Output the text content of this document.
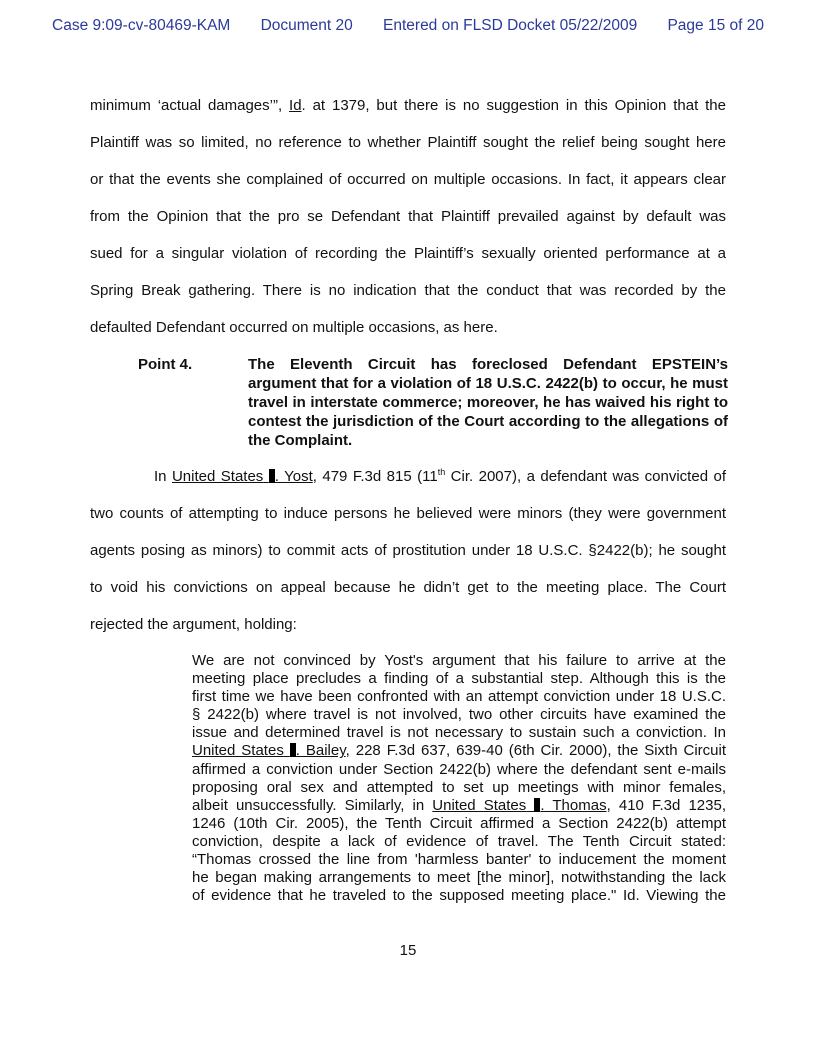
Case 9:09-cv-80469-KAM Document 20 Entered on FLSD Docket 05/22/2009 Page 15 of 20
minimum ‘actual damages’”, Id. at 1379, but there is no suggestion in this Opinion that the
Plaintiff was so limited, no reference to whether Plaintiff sought the relief being sought here
or that the events she complained of occurred on multiple occasions. In fact, it appears clear
from the Opinion that the pro se Defendant that Plaintiff prevailed against by default was
sued for a singular violation of recording the Plaintiff’s sexually oriented performance at a
Spring Break gathering. There is no indication that the conduct that was recorded by the
defaulted Defendant occurred on multiple occasions, as here.
Point 4.	The Eleventh Circuit has foreclosed Defendant EPSTEIN’s argument that for a violation of 18 U.S.C. 2422(b) to occur, he must travel in interstate commerce; moreover, he has waived his right to contest the jurisdiction of the Court according to the allegations of the Complaint.
In United States . Yost, 479 F.3d 815 (11th Cir. 2007), a defendant was convicted of
two counts of attempting to induce persons he believed were minors (they were government
agents posing as minors) to commit acts of prostitution under 18 U.S.C. §2422(b); he sought
to void his convictions on appeal because he didn’t get to the meeting place. The Court
rejected the argument, holding:
We are not convinced by Yost's argument that his failure to arrive at the
meeting place precludes a finding of a substantial step. Although this is the
first time we have been confronted with an attempt conviction under 18 U.S.C.
§ 2422(b) where travel is not involved, two other circuits have examined the
issue and determined travel is not necessary to sustain such a conviction. In
United States . Bailey, 228 F.3d 637, 639-40 (6th Cir. 2000), the Sixth Circuit
affirmed a conviction under Section 2422(b) where the defendant sent e-mails
proposing oral sex and attempted to set up meetings with minor females,
albeit unsuccessfully. Similarly, in United States . Thomas, 410 F.3d 1235,
1246 (10th Cir. 2005), the Tenth Circuit affirmed a Section 2422(b) attempt
conviction, despite a lack of evidence of travel. The Tenth Circuit stated:
“Thomas crossed the line from 'harmless banter' to inducement the moment
he began making arrangements to meet [the minor], notwithstanding the lack
of evidence that he traveled to the supposed meeting place." Id. Viewing the
15
